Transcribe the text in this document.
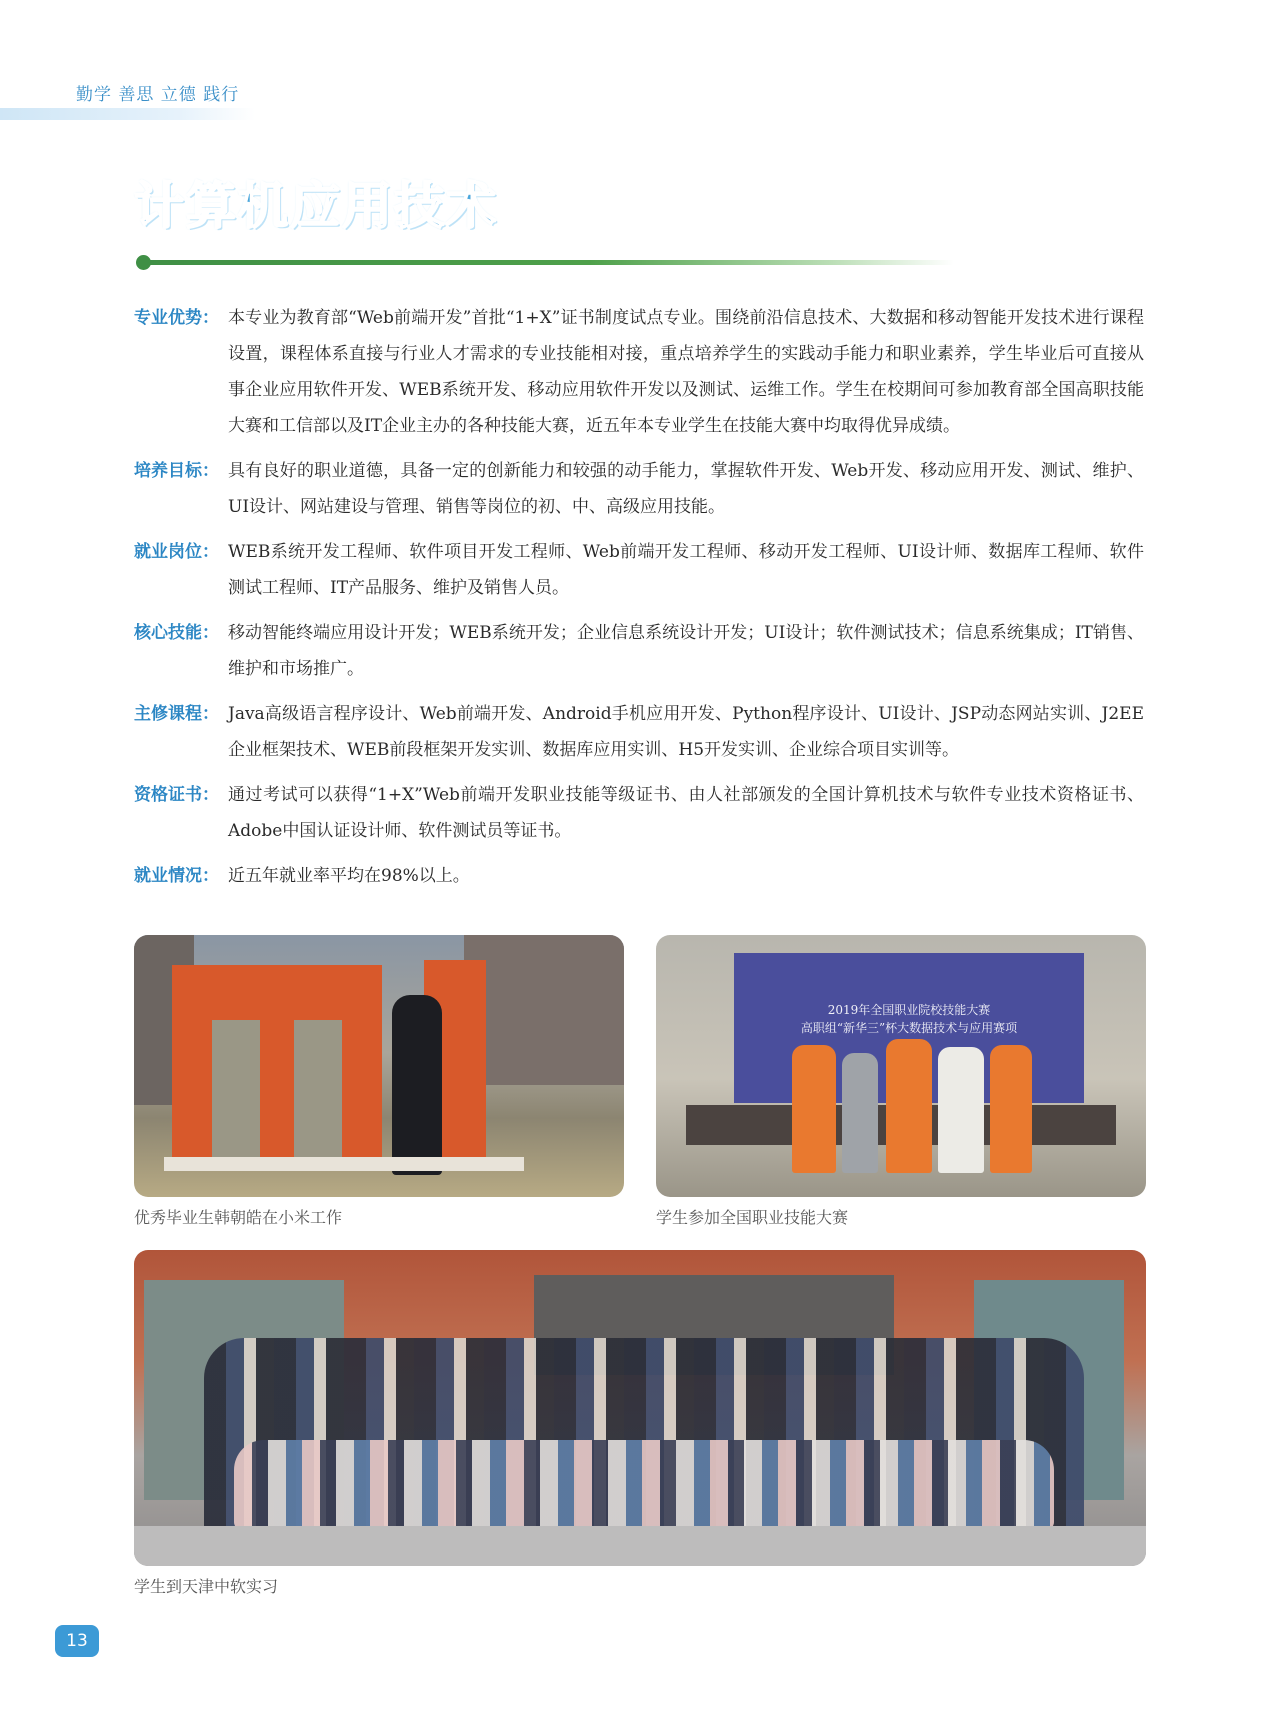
勤学 善思 立德 践行
计算机应用技术
专业优势： 本专业为教育部“Web前端开发”首批“1+X”证书制度试点专业。围绕前沿信息技术、大数据和移动智能开发技术进行课程设置，课程体系直接与行业人才需求的专业技能相对接，重点培养学生的实践动手能力和职业素养，学生毕业后可直接从事企业应用软件开发、WEB系统开发、移动应用软件开发以及测试、运维工作。学生在校期间可参加教育部全国高职技能大赛和工信部以及IT企业主办的各种技能大赛，近五年本专业学生在技能大赛中均取得优异成绩。
培养目标： 具有良好的职业道德，具备一定的创新能力和较强的动手能力，掌握软件开发、Web开发、移动应用开发、测试、维护、UI设计、网站建设与管理、销售等岗位的初、中、高级应用技能。
就业岗位： WEB系统开发工程师、软件项目开发工程师、Web前端开发工程师、移动开发工程师、UI设计师、数据库工程师、软件测试工程师、IT产品服务、维护及销售人员。
核心技能： 移动智能终端应用设计开发；WEB系统开发；企业信息系统设计开发；UI设计；软件测试技术；信息系统集成；IT销售、维护和市场推广。
主修课程： Java高级语言程序设计、Web前端开发、Android手机应用开发、Python程序设计、UI设计、JSP动态网站实训、J2EE企业框架技术、WEB前段框架开发实训、数据库应用实训、H5开发实训、企业综合项目实训等。
资格证书： 通过考试可以获得“1+X”Web前端开发职业技能等级证书、由人社部颁发的全国计算机技术与软件专业技术资格证书、Adobe中国认证设计师、软件测试员等证书。
就业情况： 近五年就业率平均在98%以上。
优秀毕业生韩朝皓在小米工作
2019年全国职业院校技能大赛
高职组“新华三”杯大数据技术与应用赛项
学生参加全国职业技能大赛
学生到天津中软实习
13
